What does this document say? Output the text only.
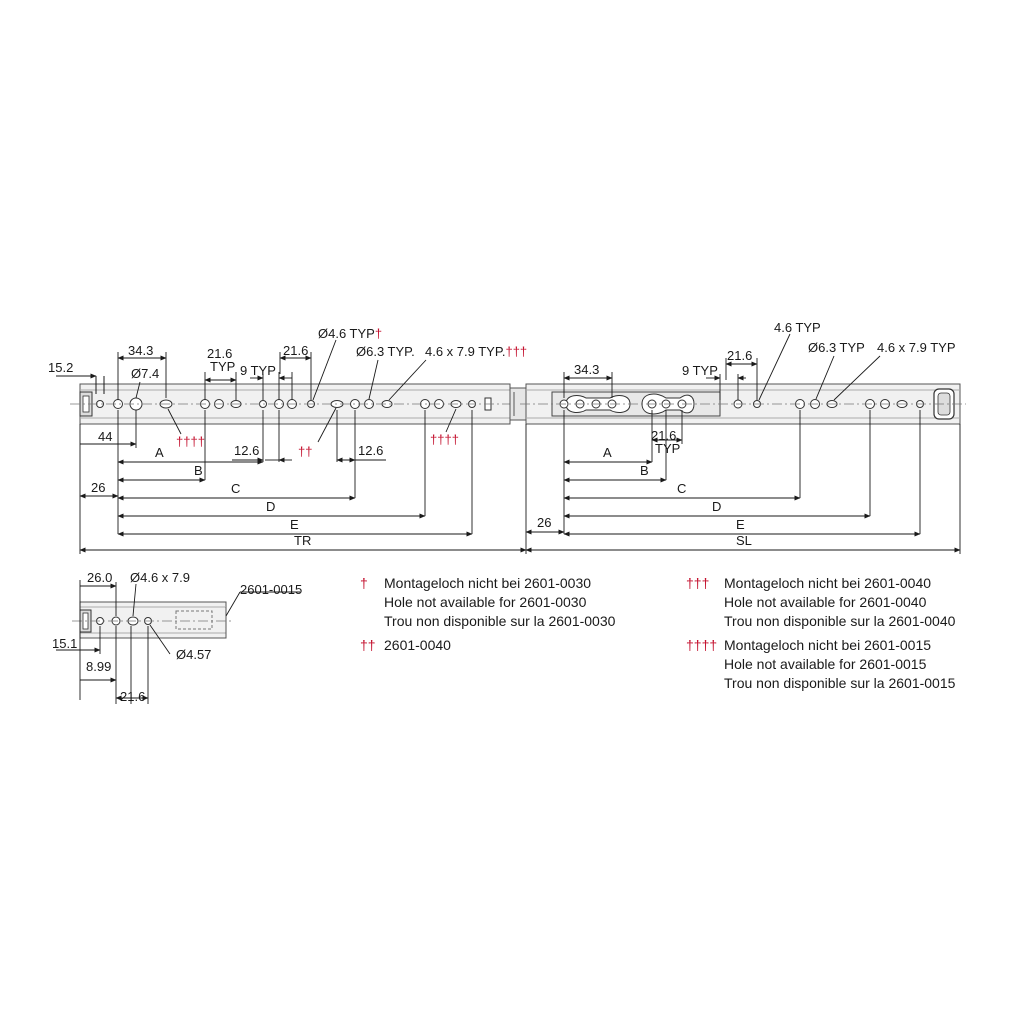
15.2
34.3
Ø7.4
21.6
TYP 9 TYP
21.6
Ø4.6 TYP†
Ø6.3 TYP. 4.6 x 7.9 TYP.†††
††††
††
††††
44
12.6	12.6
A
B
26	C
D
E
TR
34.3	9 TYP
21.6
4.6 TYP
Ø6.3 TYP 4.6 x 7.9 TYP
21.6
TYP
A
B
C
D
E
26
SL
26.0 Ø4.6 x 7.9
2601-0015
15.1
Ø4.57
8.99
21.6
† Montageloch nicht bei 2601-0030
Hole not available for 2601-0030
Trou non disponible sur la 2601-0030
†† 2601-0040
††† Montageloch nicht bei 2601-0040
Hole not available for 2601-0040
Trou non disponible sur la 2601-0040
†††† Montageloch nicht bei 2601-0015
Hole not available for 2601-0015
Trou non disponible sur la 2601-0015
